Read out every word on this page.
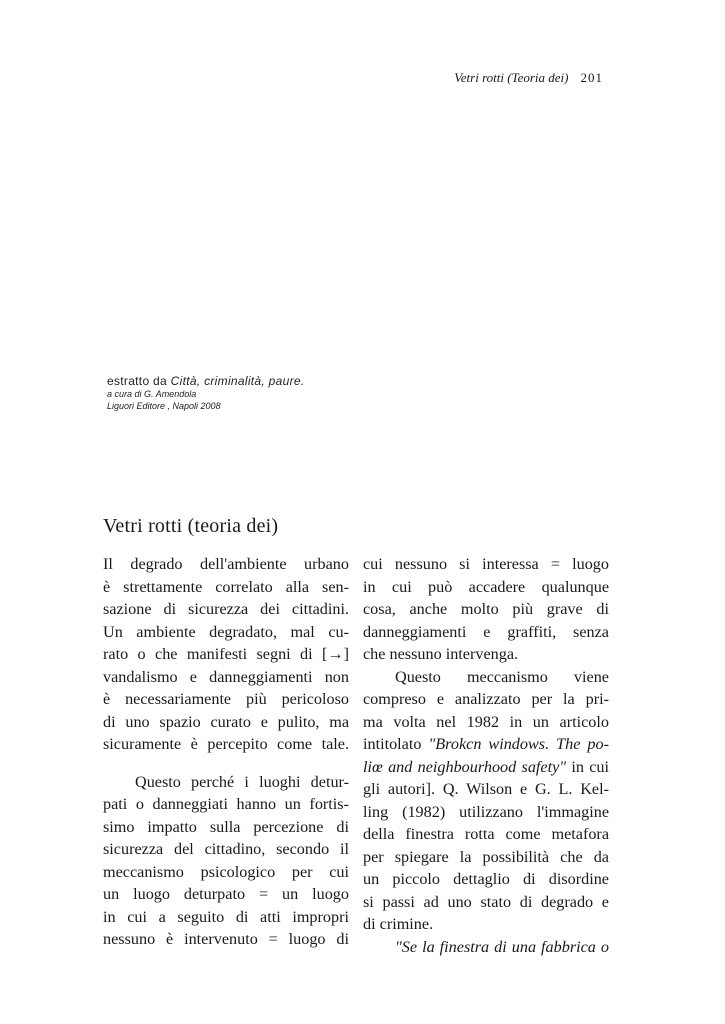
Vetri rotti (Teoria dei) 201
estratto da Città, criminalità, paure.
a cura di G. Amendola
Liguori Editore , Napoli 2008
Vetri rotti (teoria dei)
Il degrado dell'ambiente urbano
è strettamente correlato alla sen-
sazione di sicurezza dei cittadini.
Un ambiente degradato, mal cu-
rato o che manifesti segni di [→]
vandalismo e danneggiamenti non
è necessariamente più pericoloso
di uno spazio curato e pulito, ma
sicuramente è percepito come tale.
Questo perché i luoghi detur-
pati o danneggiati hanno un fortis-
simo impatto sulla percezione di
sicurezza del cittadino, secondo il
meccanismo psicologico per cui
un luogo deturpato = un luogo
in cui a seguito di atti impropri
nessuno è intervenuto = luogo di
cui nessuno si interessa = luogo
in cui può accadere qualunque
cosa, anche molto più grave di
danneggiamenti e graffiti, senza
che nessuno intervenga.
Questo meccanismo viene
compreso e analizzato per la pri-
ma volta nel 1982 in un articolo
intitolato "Brokcn windows. The po-
liœ and neighbourhood safety" in cui
gli autori]. Q. Wilson e G. L. Kel-
ling (1982) utilizzano l'immagine
della finestra rotta come metafora
per spiegare la possibilità che da
un piccolo dettaglio di disordine
si passi ad uno stato di degrado e
di crimine.
"Se la finestra di una fabbrica o
